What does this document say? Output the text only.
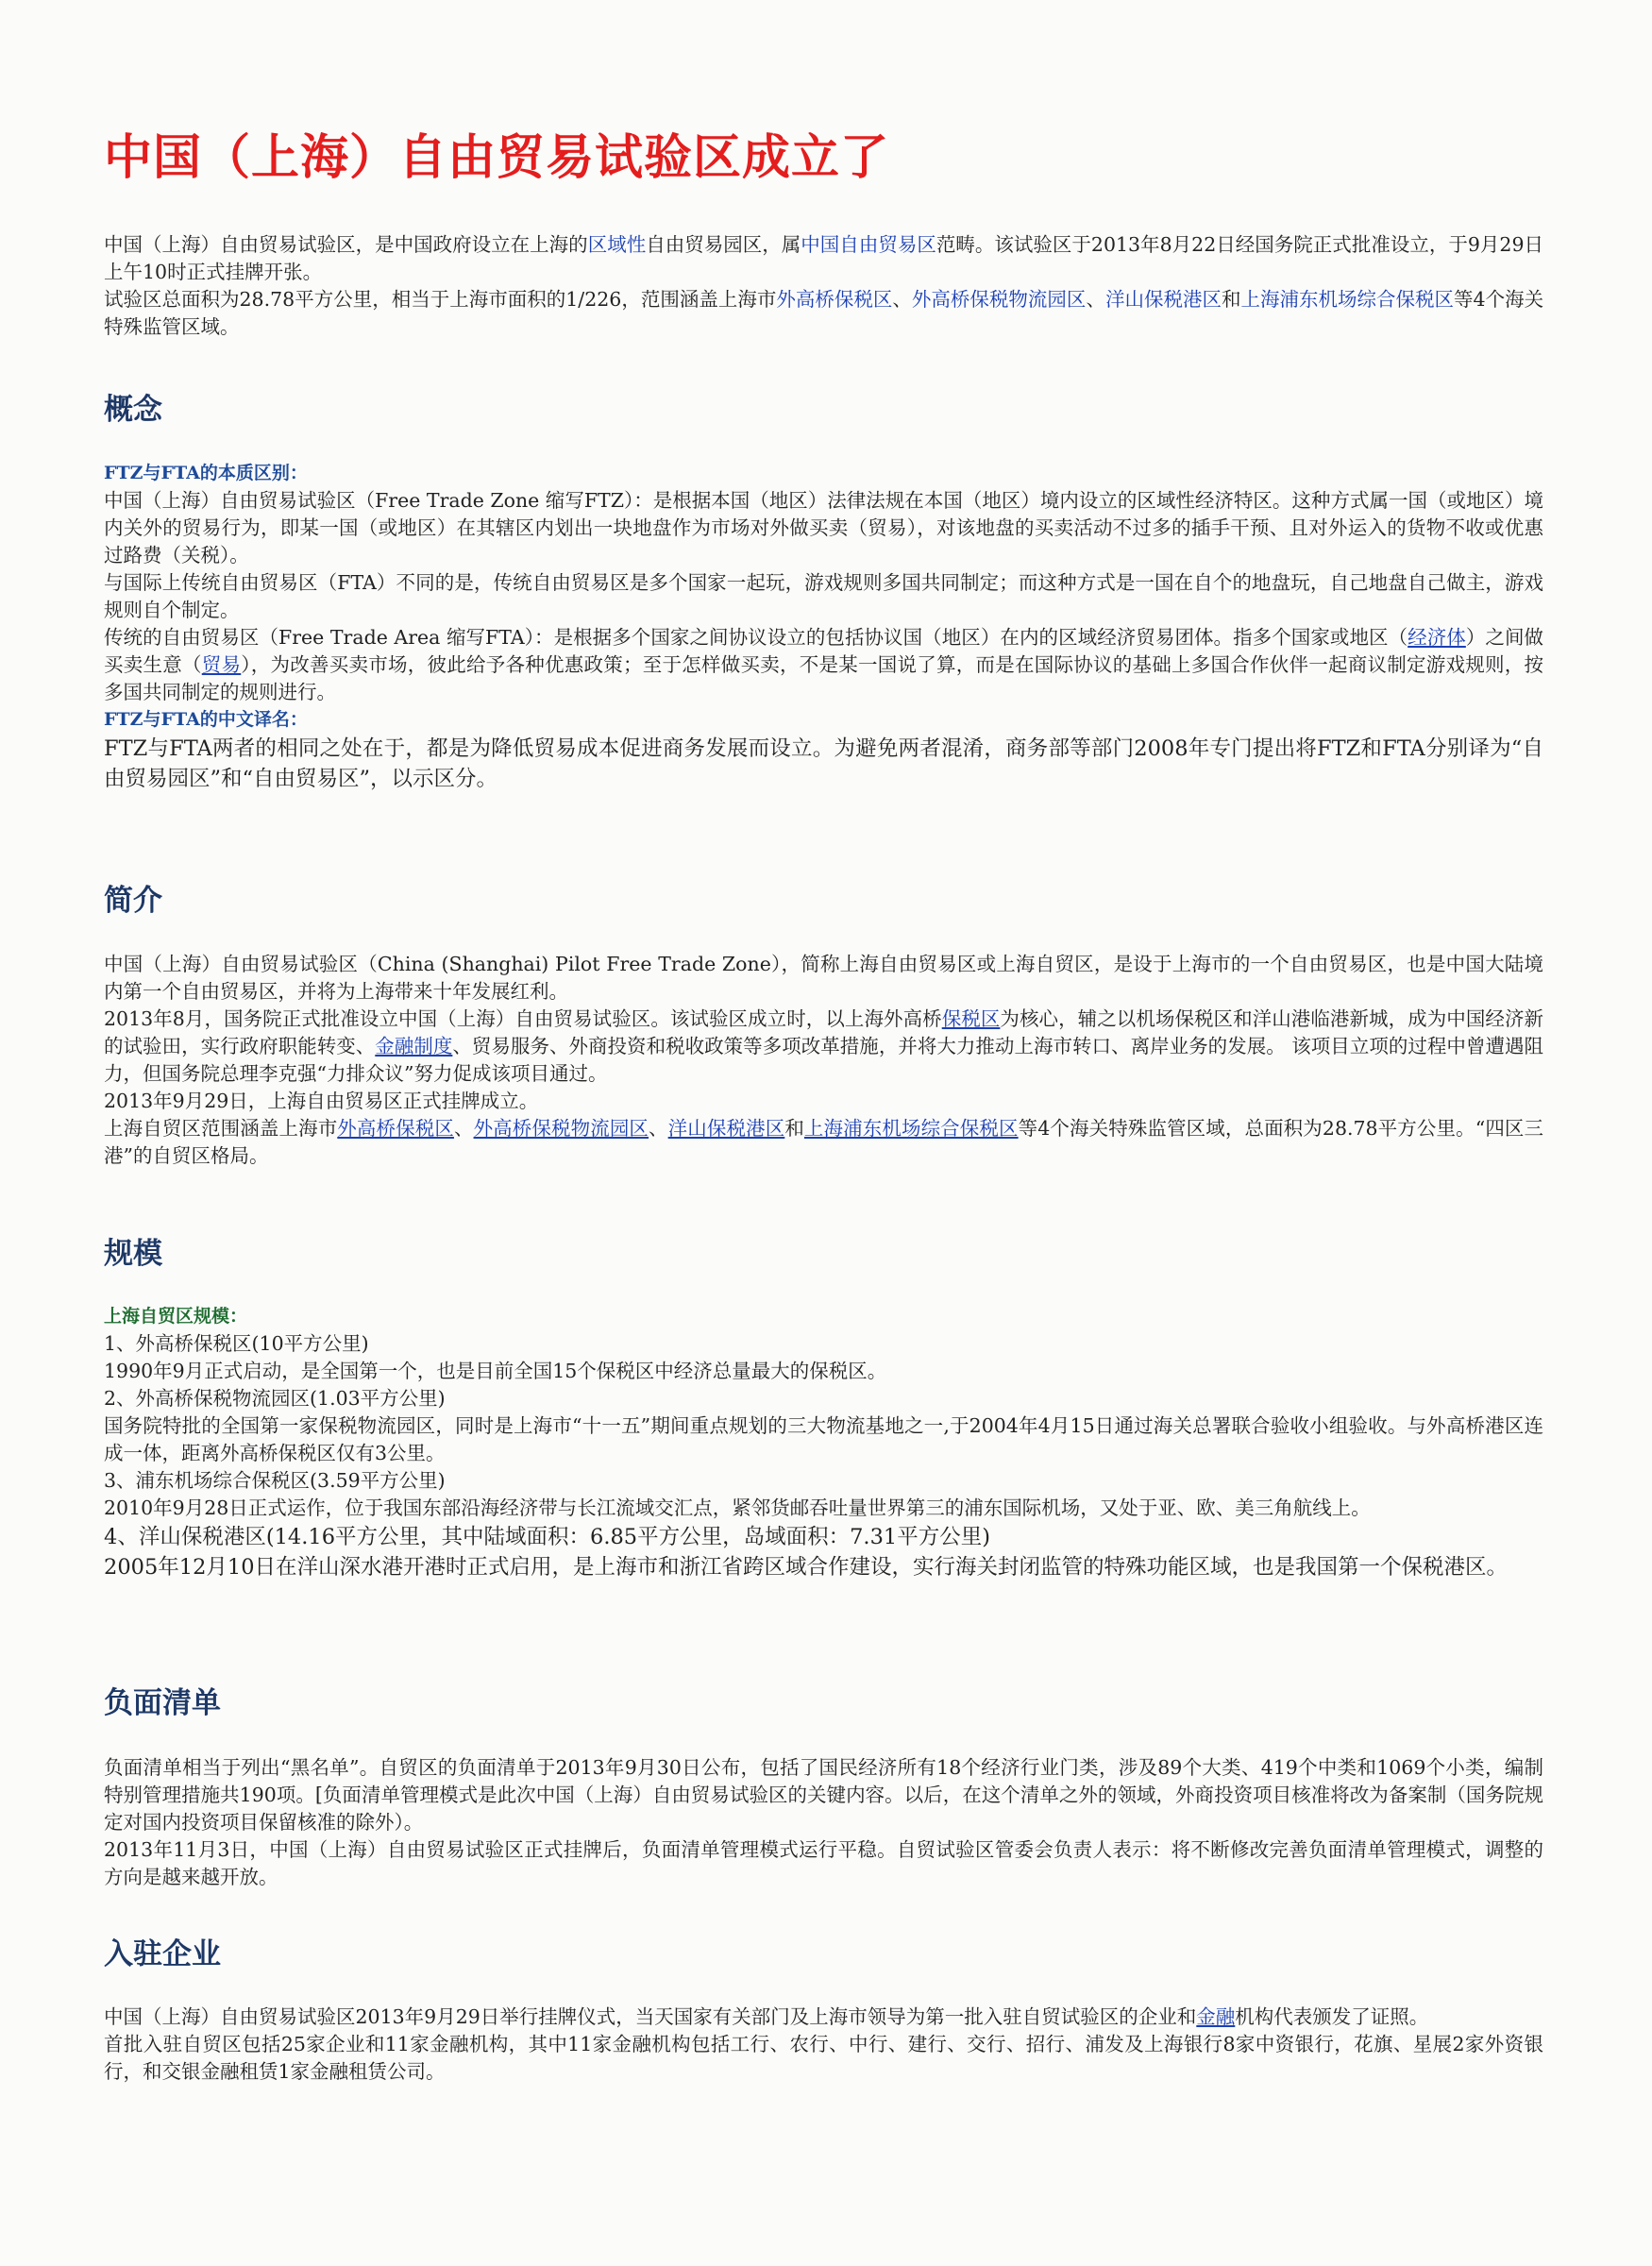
中国（上海）自由贸易试验区成立了

中国（上海）自由贸易试验区，是中国政府设立在上海的区域性自由贸易园区，属中国自由贸易区范畴。该试验区于2013年8月22日经国务院正式批准设立，于9月29日上午10时正式挂牌开张。

试验区总面积为28.78平方公里，相当于上海市面积的1/226，范围涵盖上海市外高桥保税区、外高桥保税物流园区、洋山保税港区和上海浦东机场综合保税区等4个海关特殊监管区域。

概念
FTZ与FTA的本质区别：

中国（上海）自由贸易试验区（Free Trade Zone 缩写FTZ）：是根据本国（地区）法律法规在本国（地区）境内设立的区域性经济特区。这种方式属一国（或地区）境内关外的贸易行为，即某一国（或地区）在其辖区内划出一块地盘作为市场对外做买卖（贸易），对该地盘的买卖活动不过多的插手干预、且对外运入的货物不收或优惠过路费（关税）。

与国际上传统自由贸易区（FTA）不同的是，传统自由贸易区是多个国家一起玩，游戏规则多国共同制定；而这种方式是一国在自个的地盘玩，自己地盘自己做主，游戏规则自个制定。

传统的自由贸易区（Free Trade Area 缩写FTA）：是根据多个国家之间协议设立的包括协议国（地区）在内的区域经济贸易团体。指多个国家或地区（经济体）之间做买卖生意（贸易），为改善买卖市场，彼此给予各种优惠政策；至于怎样做买卖，不是某一国说了算，而是在国际协议的基础上多国合作伙伴一起商议制定游戏规则，按多国共同制定的规则进行。

FTZ与FTA的中文译名：

FTZ与FTA两者的相同之处在于，都是为降低贸易成本促进商务发展而设立。为避免两者混淆，商务部等部门2008年专门提出将FTZ和FTA分别译为“自由贸易园区”和“自由贸易区”，以示区分。

简介

中国（上海）自由贸易试验区（China (Shanghai) Pilot Free Trade Zone），简称上海自由贸易区或上海自贸区，是设于上海市的一个自由贸易区，也是中国大陆境内第一个自由贸易区，并将为上海带来十年发展红利。

2013年8月，国务院正式批准设立中国（上海）自由贸易试验区。该试验区成立时，以上海外高桥保税区为核心，辅之以机场保税区和洋山港临港新城，成为中国经济新的试验田，实行政府职能转变、金融制度、贸易服务、外商投资和税收政策等多项改革措施，并将大力推动上海市转口、离岸业务的发展。 该项目立项的过程中曾遭遇阻力，但国务院总理李克强“力排众议”努力促成该项目通过。

2013年9月29日，上海自由贸易区正式挂牌成立。

上海自贸区范围涵盖上海市外高桥保税区、外高桥保税物流园区、洋山保税港区和上海浦东机场综合保税区等4个海关特殊监管区域，总面积为28.78平方公里。“四区三港”的自贸区格局。

规模
上海自贸区规模：

1、外高桥保税区(10平方公里)

1990年9月正式启动，是全国第一个，也是目前全国15个保税区中经济总量最大的保税区。

2、外高桥保税物流园区(1.03平方公里)

国务院特批的全国第一家保税物流园区，同时是上海市“十一五”期间重点规划的三大物流基地之一,于2004年4月15日通过海关总署联合验收小组验收。与外高桥港区连成一体，距离外高桥保税区仅有3公里。

3、浦东机场综合保税区(3.59平方公里)

2010年9月28日正式运作，位于我国东部沿海经济带与长江流域交汇点，紧邻货邮吞吐量世界第三的浦东国际机场，又处于亚、欧、美三角航线上。

4、洋山保税港区(14.16平方公里，其中陆域面积：6.85平方公里，岛域面积：7.31平方公里)

2005年12月10日在洋山深水港开港时正式启用，是上海市和浙江省跨区域合作建设，实行海关封闭监管的特殊功能区域，也是我国第一个保税港区。

负面清单

负面清单相当于列出“黑名单”。自贸区的负面清单于2013年9月30日公布，包括了国民经济所有18个经济行业门类，涉及89个大类、419个中类和1069个小类，编制特别管理措施共190项。[负面清单管理模式是此次中国（上海）自由贸易试验区的关键内容。以后，在这个清单之外的领域，外商投资项目核准将改为备案制（国务院规定对国内投资项目保留核准的除外）。

2013年11月3日，中国（上海）自由贸易试验区正式挂牌后，负面清单管理模式运行平稳。自贸试验区管委会负责人表示：将不断修改完善负面清单管理模式，调整的方向是越来越开放。

入驻企业

中国（上海）自由贸易试验区2013年9月29日举行挂牌仪式，当天国家有关部门及上海市领导为第一批入驻自贸试验区的企业和金融机构代表颁发了证照。

首批入驻自贸区包括25家企业和11家金融机构，其中11家金融机构包括工行、农行、中行、建行、交行、招行、浦发及上海银行8家中资银行，花旗、星展2家外资银行，和交银金融租赁1家金融租赁公司。
